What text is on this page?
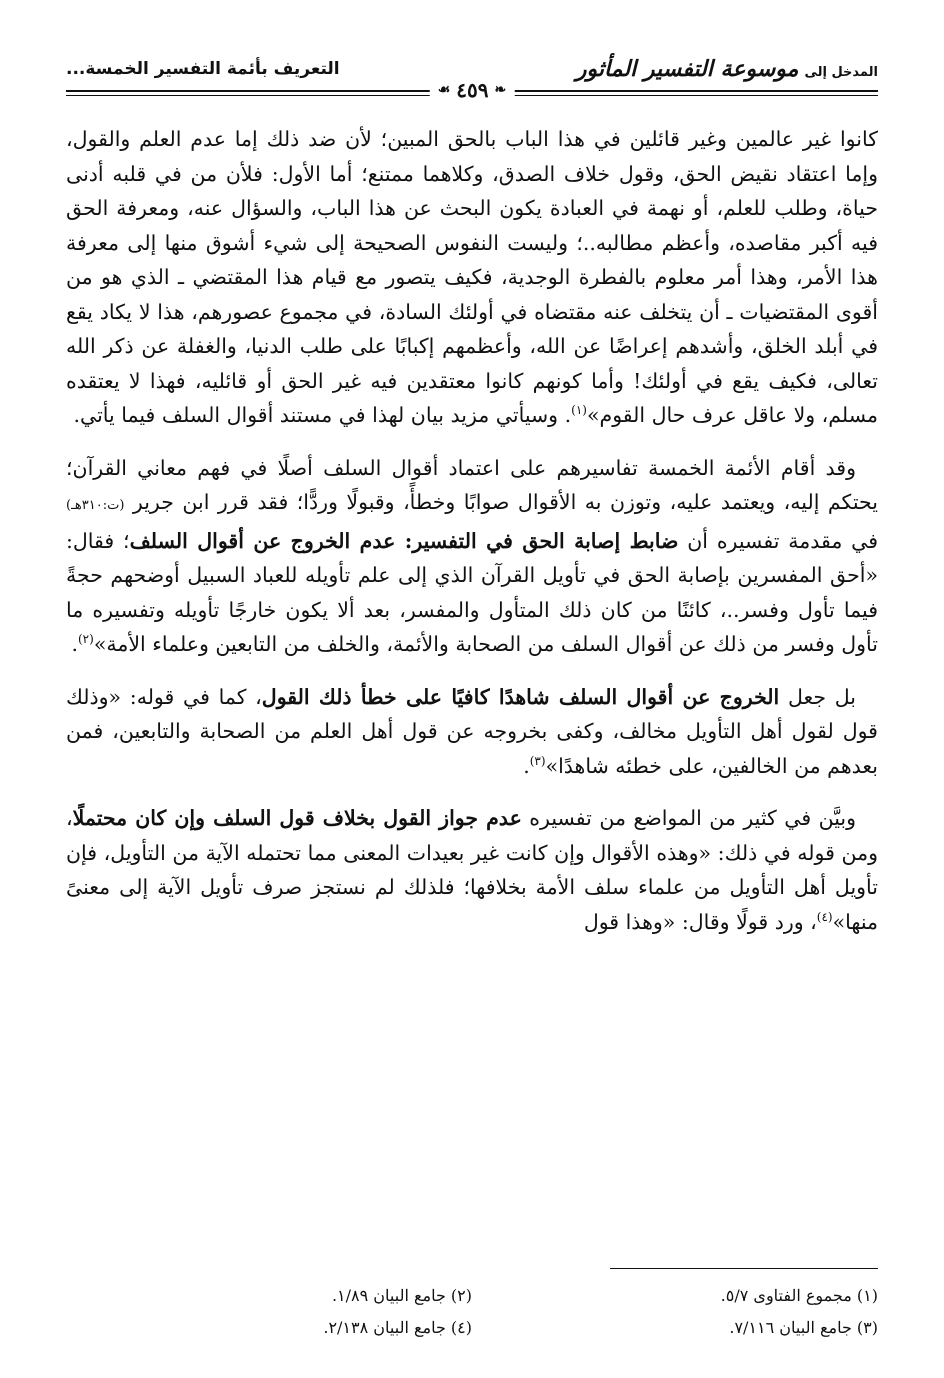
المدخل إلى
موسوعة التفسير المأثور
التعريف بأئمة التفسير الخمسة...
❧
٤٥٩
☙

كانوا غير عالمين وغير قائلين في هذا الباب بالحق المبين؛ لأن ضد ذلك إما عدم العلم والقول، وإما اعتقاد نقيض الحق، وقول خلاف الصدق، وكلاهما ممتنع؛ أما الأول: فلأن من في قلبه أدنى حياة، وطلب للعلم، أو نهمة في العبادة يكون البحث عن هذا الباب، والسؤال عنه، ومعرفة الحق فيه أكبر مقاصده، وأعظم مطالبه..؛ وليست النفوس الصحيحة إلى شيء أشوق منها إلى معرفة هذا الأمر، وهذا أمر معلوم بالفطرة الوجدية، فكيف يتصور مع قيام هذا المقتضي ـ الذي هو من أقوى المقتضيات ـ أن يتخلف عنه مقتضاه في أولئك السادة، في مجموع عصورهم، هذا لا يكاد يقع في أبلد الخلق، وأشدهم إعراضًا عن الله، وأعظمهم إكبابًا على طلب الدنيا، والغفلة عن ذكر الله تعالى، فكيف يقع في أولئك! وأما كونهم كانوا معتقدين فيه غير الحق أو قائليه، فهذا لا يعتقده مسلم، ولا عاقل عرف حال القوم»$^{(١)}$. وسيأتي مزيد بيان لهذا في مستند أقوال السلف فيما يأتي.

وقد أقام الأئمة الخمسة تفاسيرهم على اعتماد أقوال السلف أصلًا في فهم معاني القرآن؛ يحتكم إليه، ويعتمد عليه، وتوزن به الأقوال صوابًا وخطأً، وقبولًا وردًّا؛ فقد قرر ابن جرير (ت:٣١٠هـ) في مقدمة تفسيره أن ضابط إصابة الحق في التفسير: عدم الخروج عن أقوال السلف؛ فقال: «أحق المفسرين بإصابة الحق في تأويل القرآن الذي إلى علم تأويله للعباد السبيل أوضحهم حجةً فيما تأول وفسر..، كائنًا من كان ذلك المتأول والمفسر، بعد ألا يكون خارجًا تأويله وتفسيره ما تأول وفسر من ذلك عن أقوال السلف من الصحابة والأئمة، والخلف من التابعين وعلماء الأمة»$^{(٢)}$.

بل جعل الخروج عن أقوال السلف شاهدًا كافيًا على خطأ ذلك القول، كما في قوله: «وذلك قول لقول أهل التأويل مخالف، وكفى بخروجه عن قول أهل العلم من الصحابة والتابعين، فمن بعدهم من الخالفين، على خطئه شاهدًا»$^{(٣)}$.

وبيَّن في كثير من المواضع من تفسيره عدم جواز القول بخلاف قول السلف وإن كان محتملًا، ومن قوله في ذلك: «وهذه الأقوال وإن كانت غير بعيدات المعنى مما تحتمله الآية من التأويل، فإن تأويل أهل التأويل من علماء سلف الأمة بخلافها؛ فلذلك لم نستجز صرف تأويل الآية إلى معنىً منها»$^{(٤)}$، ورد قولًا وقال: «وهذا قول

(١) مجموع الفتاوى ٥/٧.
(٢) جامع البيان ١/٨٩.
(٣) جامع البيان ٧/١١٦.
(٤) جامع البيان ٢/١٣٨.
